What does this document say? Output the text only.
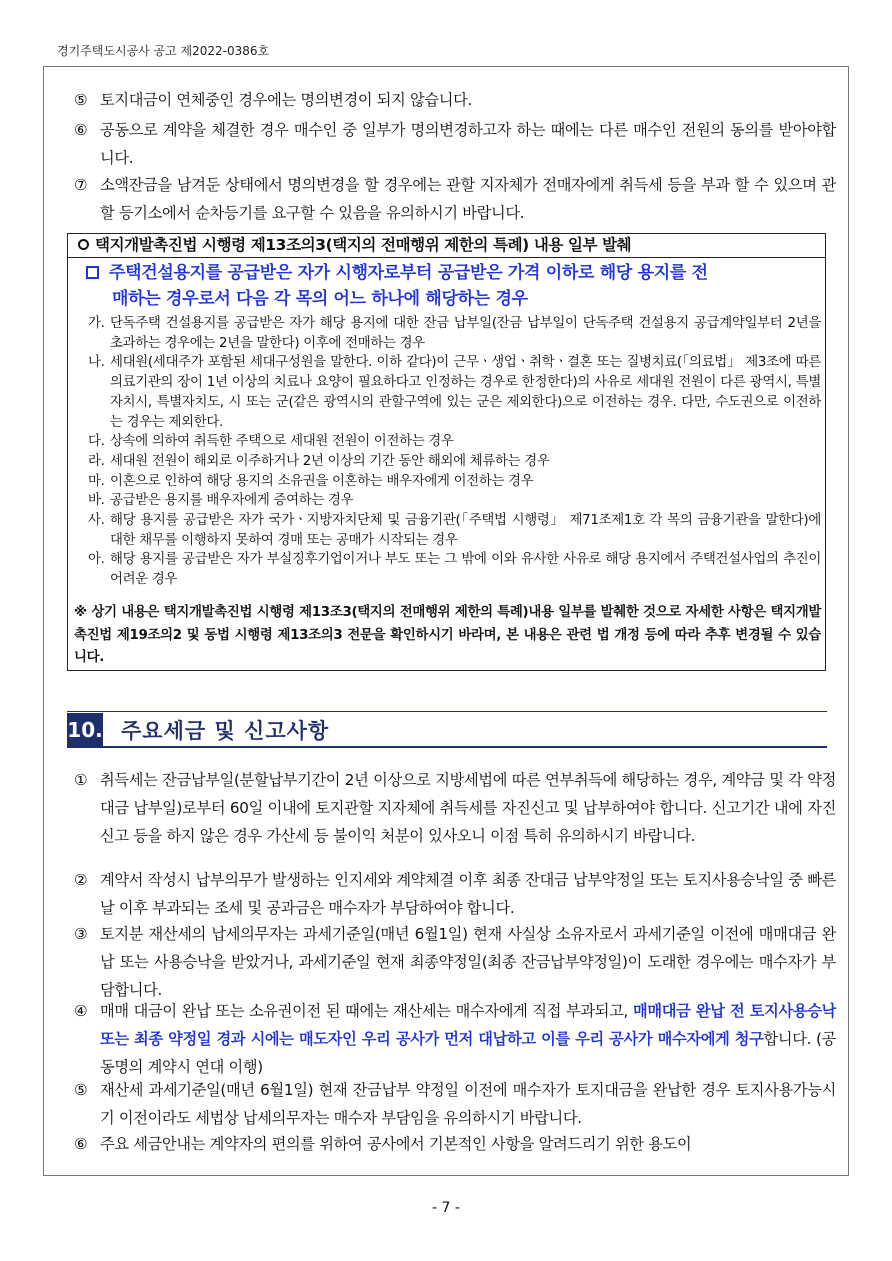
경기주택도시공사 공고 제2022-0386호
⑤ 토지대금이 연체중인 경우에는 명의변경이 되지 않습니다.
⑥ 공동으로 계약을 체결한 경우 매수인 중 일부가 명의변경하고자 하는 때에는 다른 매수인 전원의 동의를 받아야합니다.
⑦ 소액잔금을 남겨둔 상태에서 명의변경을 할 경우에는 관할 지자체가 전매자에게 취득세 등을 부과 할 수 있으며 관할 등기소에서 순차등기를 요구할 수 있음을 유의하시기 바랍니다.
택지개발촉진법 시행령 제13조의3(택지의 전매행위 제한의 특례) 내용 일부 발췌
주택건설용지를 공급받은 자가 시행자로부터 공급받은 가격 이하로 해당 용지를 전
매하는 경우로서 다음 각 목의 어느 하나에 해당하는 경우
가. 단독주택 건설용지를 공급받은 자가 해당 용지에 대한 잔금 납부일(잔금 납부일이 단독주택 건설용지 공급계약일부터 2년을 초과하는 경우에는 2년을 말한다) 이후에 전매하는 경우
나. 세대원(세대주가 포함된 세대구성원을 말한다. 이하 같다)이 근무ㆍ생업ㆍ취학ㆍ결혼 또는 질병치료(「의료법」 제3조에 따른 의료기관의 장이 1년 이상의 치료나 요양이 필요하다고 인정하는 경우로 한정한다)의 사유로 세대원 전원이 다른 광역시, 특별자치시, 특별자치도, 시 또는 군(같은 광역시의 관할구역에 있는 군은 제외한다)으로 이전하는 경우. 다만, 수도권으로 이전하는 경우는 제외한다.
다. 상속에 의하여 취득한 주택으로 세대원 전원이 이전하는 경우
라. 세대원 전원이 해외로 이주하거나 2년 이상의 기간 동안 해외에 체류하는 경우
마. 이혼으로 인하여 해당 용지의 소유권을 이혼하는 배우자에게 이전하는 경우
바. 공급받은 용지를 배우자에게 증여하는 경우
사. 해당 용지를 공급받은 자가 국가ㆍ지방자치단체 및 금융기관(「주택법 시행령」 제71조제1호 각 목의 금융기관을 말한다)에 대한 채무를 이행하지 못하여 경매 또는 공매가 시작되는 경우
아. 해당 용지를 공급받은 자가 부실징후기업이거나 부도 또는 그 밖에 이와 유사한 사유로 해당 용지에서 주택건설사업의 추진이 어려운 경우
※ 상기 내용은 택지개발촉진법 시행령 제13조3(택지의 전매행위 제한의 특례)내용 일부를 발췌한 것으로 자세한 사항은 택지개발촉진법 제19조의2 및 동법 시행령 제13조의3 전문을 확인하시기 바라며, 본 내용은 관련 법 개정 등에 따라 추후 변경될 수 있습니다.
10. 주요세금 및 신고사항
① 취득세는 잔금납부일(분할납부기간이 2년 이상으로 지방세법에 따른 연부취득에 해당하는 경우, 계약금 및 각 약정대금 납부일)로부터 60일 이내에 토지관할 지자체에 취득세를 자진신고 및 납부하여야 합니다. 신고기간 내에 자진신고 등을 하지 않은 경우 가산세 등 불이익 처분이 있사오니 이점 특히 유의하시기 바랍니다.
② 계약서 작성시 납부의무가 발생하는 인지세와 계약체결 이후 최종 잔대금 납부약정일 또는 토지사용승낙일 중 빠른 날 이후 부과되는 조세 및 공과금은 매수자가 부담하여야 합니다.
③ 토지분 재산세의 납세의무자는 과세기준일(매년 6월1일) 현재 사실상 소유자로서 과세기준일 이전에 매매대금 완납 또는 사용승낙을 받았거나, 과세기준일 현재 최종약정일(최종 잔금납부약정일)이 도래한 경우에는 매수자가 부담합니다.
④ 매매 대금이 완납 또는 소유권이전 된 때에는 재산세는 매수자에게 직접 부과되고, 매매대금 완납 전 토지사용승낙 또는 최종 약정일 경과 시에는 매도자인 우리 공사가 먼저 대납하고 이를 우리 공사가 매수자에게 청구합니다. (공동명의 계약시 연대 이행)
⑤ 재산세 과세기준일(매년 6월1일) 현재 잔금납부 약정일 이전에 매수자가 토지대금을 완납한 경우 토지사용가능시기 이전이라도 세법상 납세의무자는 매수자 부담임을 유의하시기 바랍니다.
⑥ 주요 세금안내는 계약자의 편의를 위하여 공사에서 기본적인 사항을 알려드리기 위한 용도이
- 7 -
